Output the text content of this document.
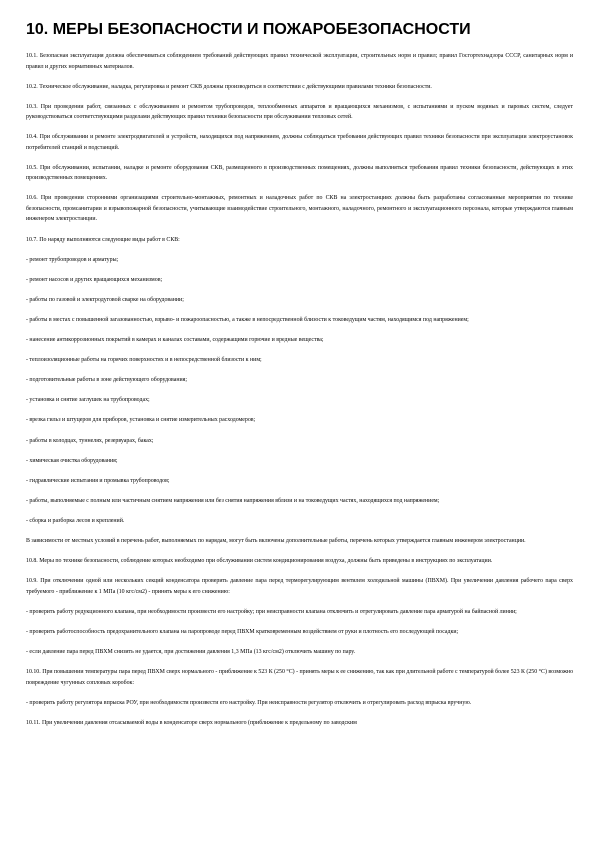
10. МЕРЫ БЕЗОПАСНОСТИ И ПОЖАРОБЕЗОПАСНОСТИ

10.1. Безопасная эксплуатация должна обеспечиваться соблюдением требований действующих правил технической эксплуатации, строительных норм и правил; правил Госгортехнадзора СССР, санитарных норм и правил и других нормативных материалов.

10.2. Техническое обслуживание, наладка, регулировка и ремонт СКВ должны производиться в соответствии с действующими правилами техники безопасности.

10.3. При проведении работ, связанных с обслуживанием и ремонтом трубопроводов, теплообменных аппаратов и вращающихся механизмов, с испытаниями и пуском водяных и паровых систем, следует руководствоваться соответствующими разделами действующих правил техники безопасности при обслуживании тепловых сетей.

10.4. При обслуживании и ремонте электродвигателей и устройств, находящихся под напряжением, должны соблюдаться требования действующих правил техники безопасности при эксплуатации электроустановок потребителей станций и подстанций.

10.5. При обслуживании, испытании, наладке и ремонте оборудования СКВ, размещенного в производственных помещениях, должны выполняться требования правил техники безопасности, действующих в этих производственных помещениях.

10.6. При проведении сторонними организациями строительно-монтажных, ремонтных и наладочных работ по СКВ на электростанциях должны быть разработаны согласованные мероприятия по технике безопасности, промсанитарии и взрывопожарной безопасности, учитывающие взаимодействие строительного, монтажного, наладочного, ремонтного и эксплуатационного персонала, которые утверждаются главным инженером электростанции.

10.7. По наряду выполняются следующие виды работ в СКВ:

- ремонт трубопроводов и арматуры;

- ремонт насосов и других вращающихся механизмов;

- работы по газовой и электродуговой сварке на оборудовании;

- работы в местах с повышенной загазованностью, взрыво- и пожароопасностью, а также в непосредственной близости к токоведущим частям, находящимся под напряжением;

- нанесение антикоррозионных покрытий в камерах и каналах составами, содержащими горючие и вредные вещества;

- теплоизоляционные работы на горячих поверхностях и в непосредственной близости к ним;

- подготовительные работы в зоне действующего оборудования;

- установка и снятие заглушек на трубопроводах;

- врезка гильз и штуцеров для приборов, установка и снятие измерительных расходомеров;

- работы в колодцах, туннелях, резервуарах, баках;

- химическая очистка оборудования;

- гидравлические испытания и промывка трубопроводов;

- работы, выполняемые с полным или частичным снятием напряжения или без снятия напряжения вблизи и на токоведущих частях, находящихся под напряжением;

- сборка и разборка лесов и креплений.

В зависимости от местных условий в перечень работ, выполняемых по нарядам, могут быть включены дополнительные работы, перечень которых утверждается главным инженером электростанции.

10.8. Меры по технике безопасности, соблюдение которых необходимо при обслуживании систем кондиционирования воздуха, должны быть приведены в инструкциях по эксплуатации.

10.9. При отключении одной или нескольких секций конденсатора проверить давление пара перед терморегулирующим вентилем холодильной машины (ПВХМ). При увеличении давления рабочего пара сверх требуемого - приближение к 1 МПа (10 кгс/см2) - принять меры к его снижению:

- проверить работу редукционного клапана, при необходимости произвести его настройку; при неисправности клапана отключить и отрегулировать давление пара арматурой на байпасной линии;

- проверить работоспособность предохранительного клапана на паропроводе перед ПВХМ кратковременным воздействием от руки и плотность его последующей посадки;

- если давление пара перед ПВХМ снизить не удается, при достижении давления 1,3 МПа (13 кгс/см2) отключить машину по пару.

10.10. При повышении температуры пара перед ПВХМ сверх нормального - приближение к 523 К (250 °С) - принять меры к ее снижению, так как при длительной работе с температурой более 523 К (250 °С) возможно повреждение чугунных сопловых коробок:

- проверить работу регулятора впрыска РОУ, при необходимости произвести его настройку. При неисправности регулятор отключить и отрегулировать расход впрыска вручную.

10.11. При увеличении давления отсасываемой воды в конденсаторе сверх нормального (приближение к предельному по заводским
